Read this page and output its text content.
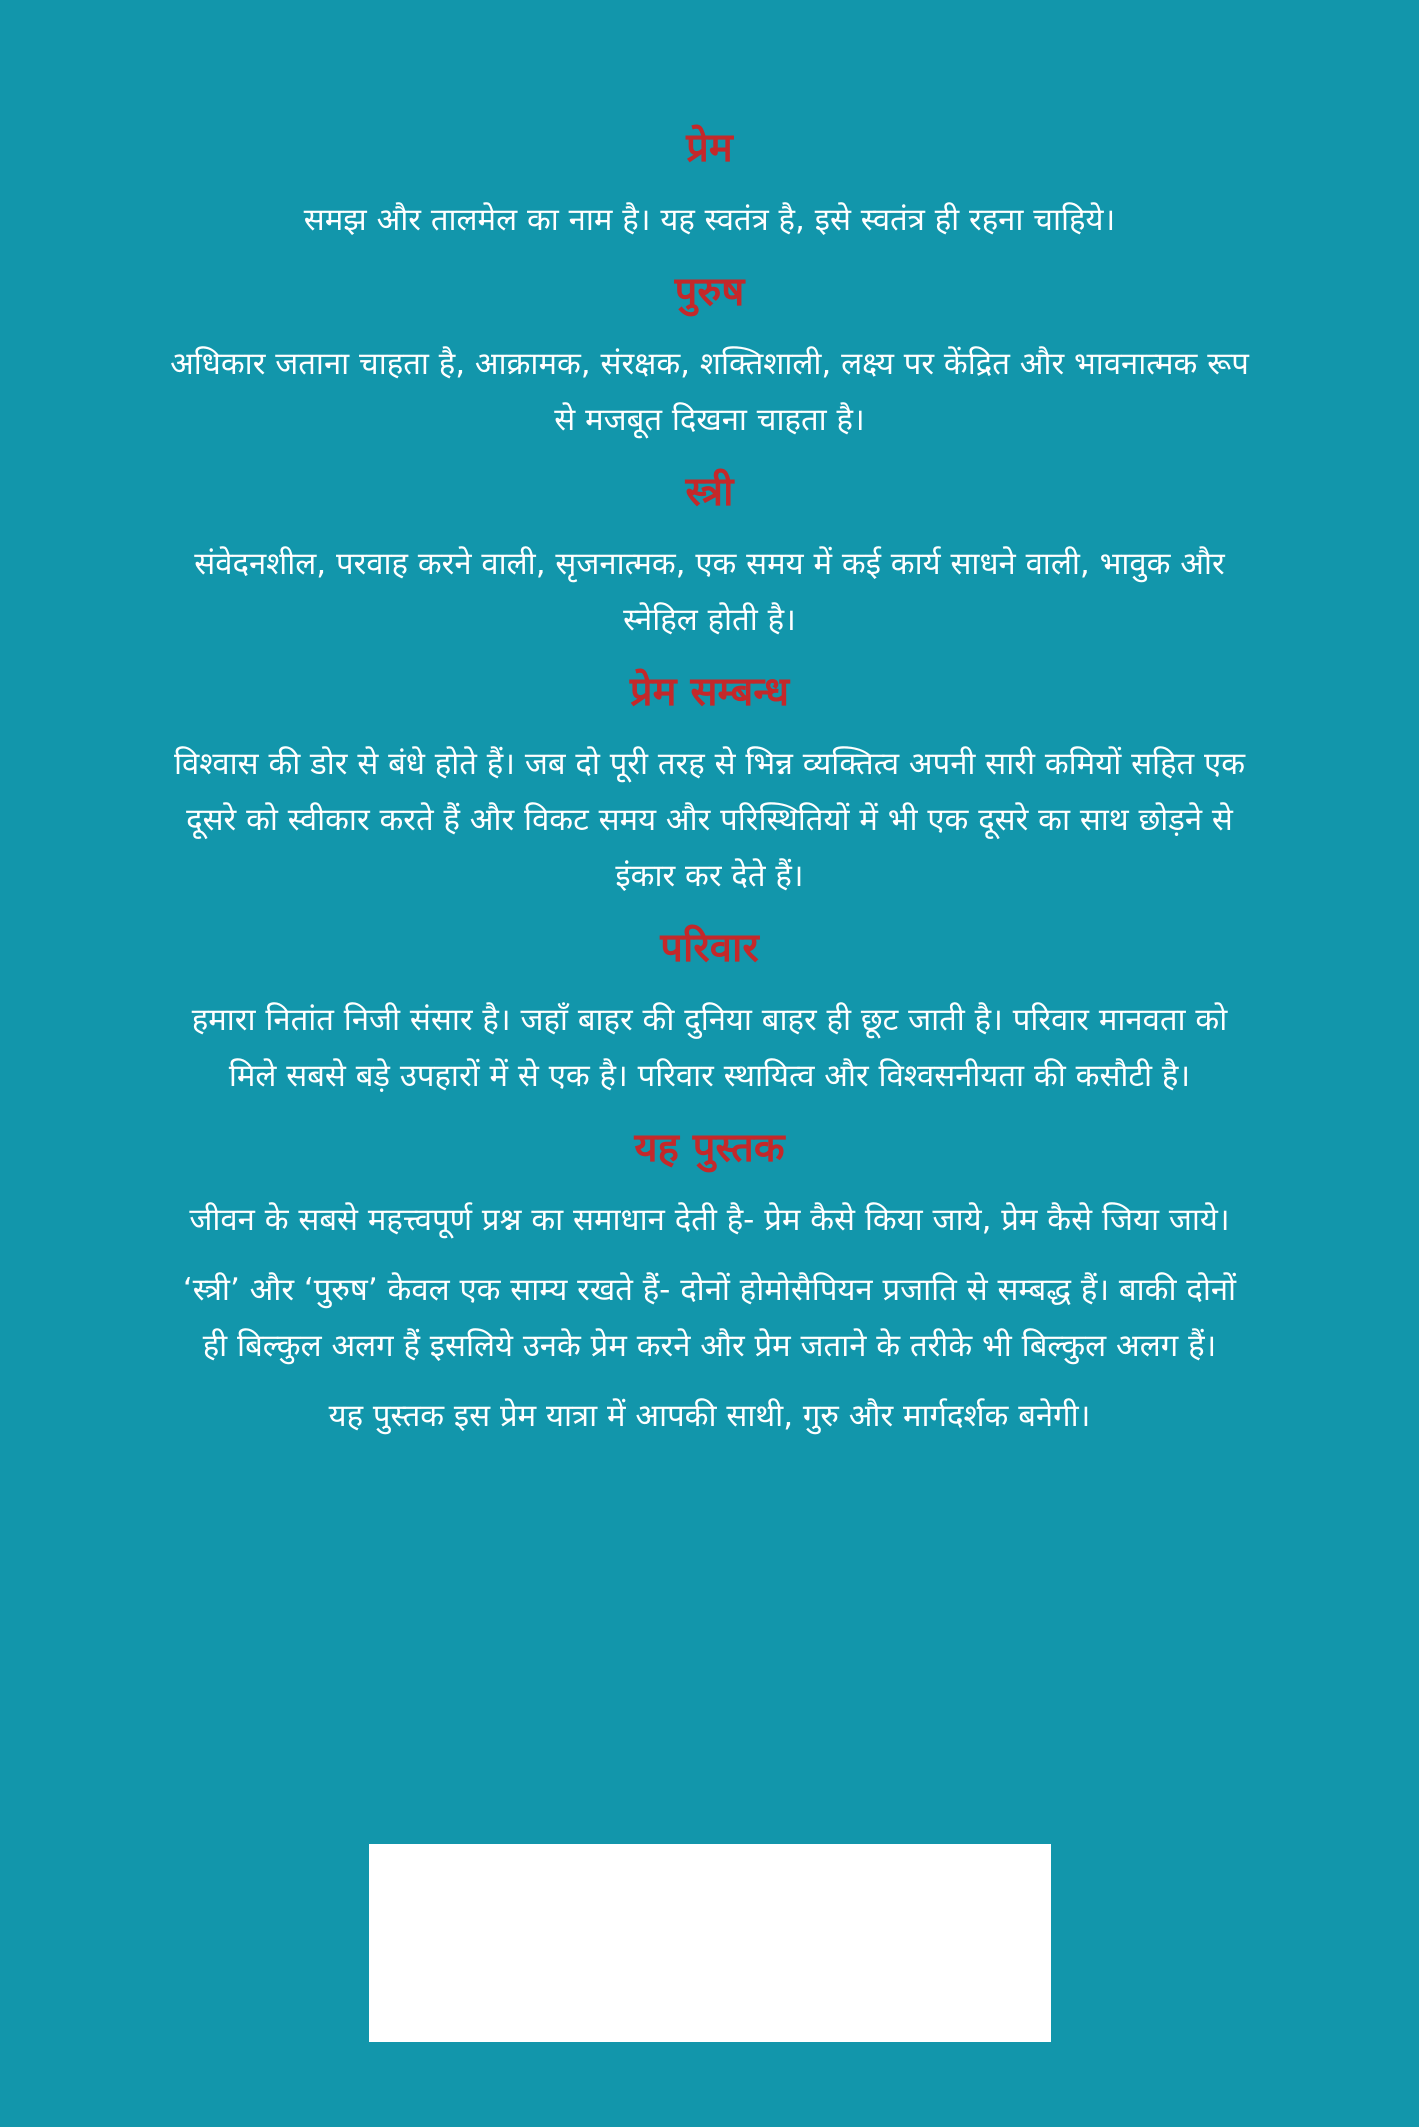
प्रेम
समझ और तालमेल का नाम है। यह स्वतंत्र है, इसे स्वतंत्र ही रहना चाहिये।
पुरुष
अधिकार जताना चाहता है, आक्रामक, संरक्षक, शक्तिशाली, लक्ष्य पर केंद्रित और भावनात्मक रूप से मजबूत दिखना चाहता है।
स्त्री
संवेदनशील, परवाह करने वाली, सृजनात्मक, एक समय में कई कार्य साधने वाली, भावुक और स्नेहिल होती है।
प्रेम सम्बन्ध
विश्वास की डोर से बंधे होते हैं। जब दो पूरी तरह से भिन्न व्यक्तित्व अपनी सारी कमियों सहित एक दूसरे को स्वीकार करते हैं और विकट समय और परिस्थितियों में भी एक दूसरे का साथ छोड़ने से इंकार कर देते हैं।
परिवार
हमारा नितांत निजी संसार है। जहाँ बाहर की दुनिया बाहर ही छूट जाती है। परिवार मानवता को मिले सबसे बड़े उपहारों में से एक है। परिवार स्थायित्व और विश्वसनीयता की कसौटी है।
यह पुस्तक
जीवन के सबसे महत्त्वपूर्ण प्रश्न का समाधान देती है- प्रेम कैसे किया जाये, प्रेम कैसे जिया जाये।
‘स्त्री’ और ‘पुरुष’ केवल एक साम्य रखते हैं- दोनों होमोसैपियन प्रजाति से सम्बद्ध हैं। बाकी दोनों ही बिल्कुल अलग हैं इसलिये उनके प्रेम करने और प्रेम जताने के तरीके भी बिल्कुल अलग हैं।
यह पुस्तक इस प्रेम यात्रा में आपकी साथी, गुरु और मार्गदर्शक बनेगी।
